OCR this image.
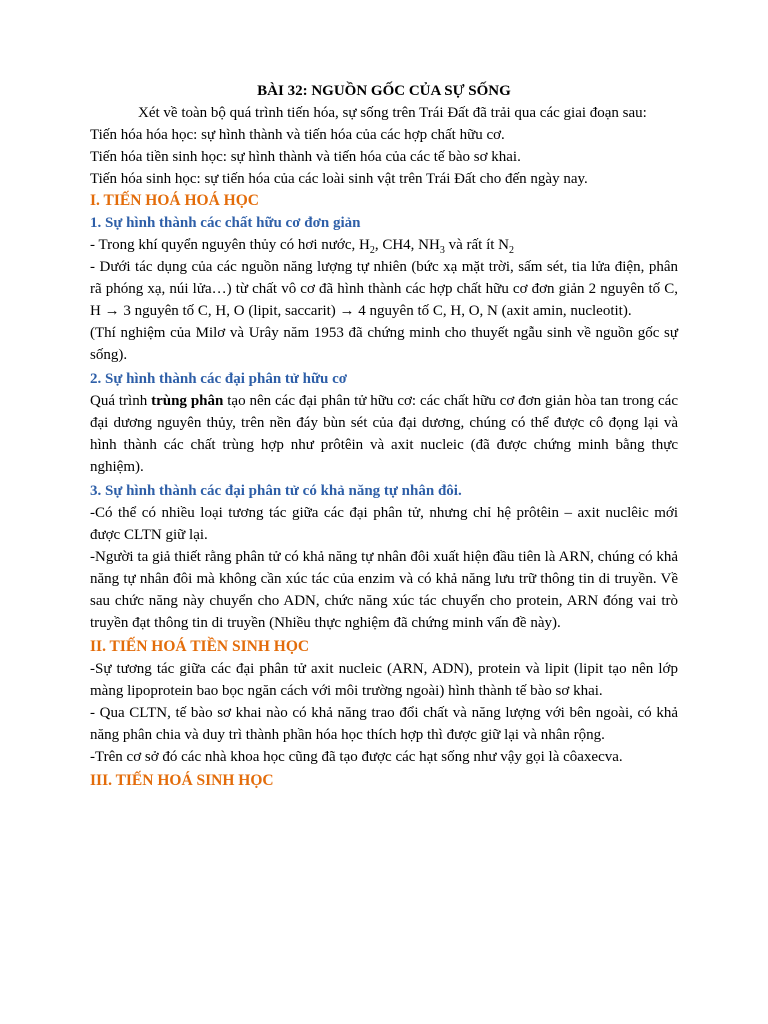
BÀI 32: NGUỒN GỐC CỦA SỰ SỐNG

Xét về toàn bộ quá trình tiến hóa, sự sống trên Trái Đất đã trải qua các giai đoạn sau:

Tiến hóa hóa học: sự hình thành và tiến hóa của các hợp chất hữu cơ.

Tiến hóa tiền sinh học: sự hình thành và tiến hóa của các tế bào sơ khai.

Tiến hóa sinh học: sự tiến hóa của các loài sinh vật trên Trái Đất cho đến ngày nay.

I. TIẾN HOÁ HOÁ HỌC
1. Sự hình thành các chất hữu cơ đơn giản

- Trong khí quyển nguyên thủy có hơi nước, $H_2$, CH4, $NH_3$ và rất ít $N_2$

- Dưới tác dụng của các nguồn năng lượng tự nhiên (bức xạ mặt trời, sấm sét, tia lửa điện, phân rã phóng xạ, núi lửa…) từ chất vô cơ đã hình thành các hợp chất hữu cơ đơn giản 2 nguyên tố C, H → 3 nguyên tố C, H, O (lipit, saccarit) → 4 nguyên tố C, H, O, N (axit amin, nucleotit).

(Thí nghiệm của Milơ và Urây năm 1953 đã chứng minh cho thuyết ngẫu sinh về nguồn gốc sự sống).

2. Sự hình thành các đại phân tử hữu cơ

Quá trình trùng phân tạo nên các đại phân tử hữu cơ: các chất hữu cơ đơn giản hòa tan trong các đại dương nguyên thủy, trên nền đáy bùn sét của đại dương, chúng có thể được cô đọng lại và hình thành các chất trùng hợp như prôtêin và axit nucleic (đã được chứng minh bằng thực nghiệm).

3. Sự hình thành các đại phân tử có khả năng tự nhân đôi.

-Có thể có nhiều loại tương tác giữa các đại phân tử, nhưng chỉ hệ prôtêin – axit nuclêic mới được CLTN giữ lại.

-Người ta giả thiết rằng phân tử có khả năng tự nhân đôi xuất hiện đầu tiên là ARN, chúng có khả năng tự nhân đôi mà không cần xúc tác của enzim và có khả năng lưu trữ thông tin di truyền. Về sau chức năng này chuyển cho ADN, chức năng xúc tác chuyển cho protein, ARN đóng vai trò truyền đạt thông tin di truyền (Nhiều thực nghiệm đã chứng minh vấn đề này).

II. TIẾN HOÁ TIỀN SINH HỌC

-Sự tương tác giữa các đại phân tử axit nucleic (ARN, ADN), protein và lipit (lipit tạo nên lớp màng lipoprotein bao bọc ngăn cách với môi trường ngoài) hình thành tế bào sơ khai.

- Qua CLTN, tế bào sơ khai nào có khả năng trao đổi chất và năng lượng với bên ngoài, có khả năng phân chia và duy trì thành phần hóa học thích hợp thì được giữ lại và nhân rộng.

-Trên cơ sở đó các nhà khoa học cũng đã tạo được các hạt sống như vậy gọi là côaxecva.

III. TIẾN HOÁ SINH HỌC
